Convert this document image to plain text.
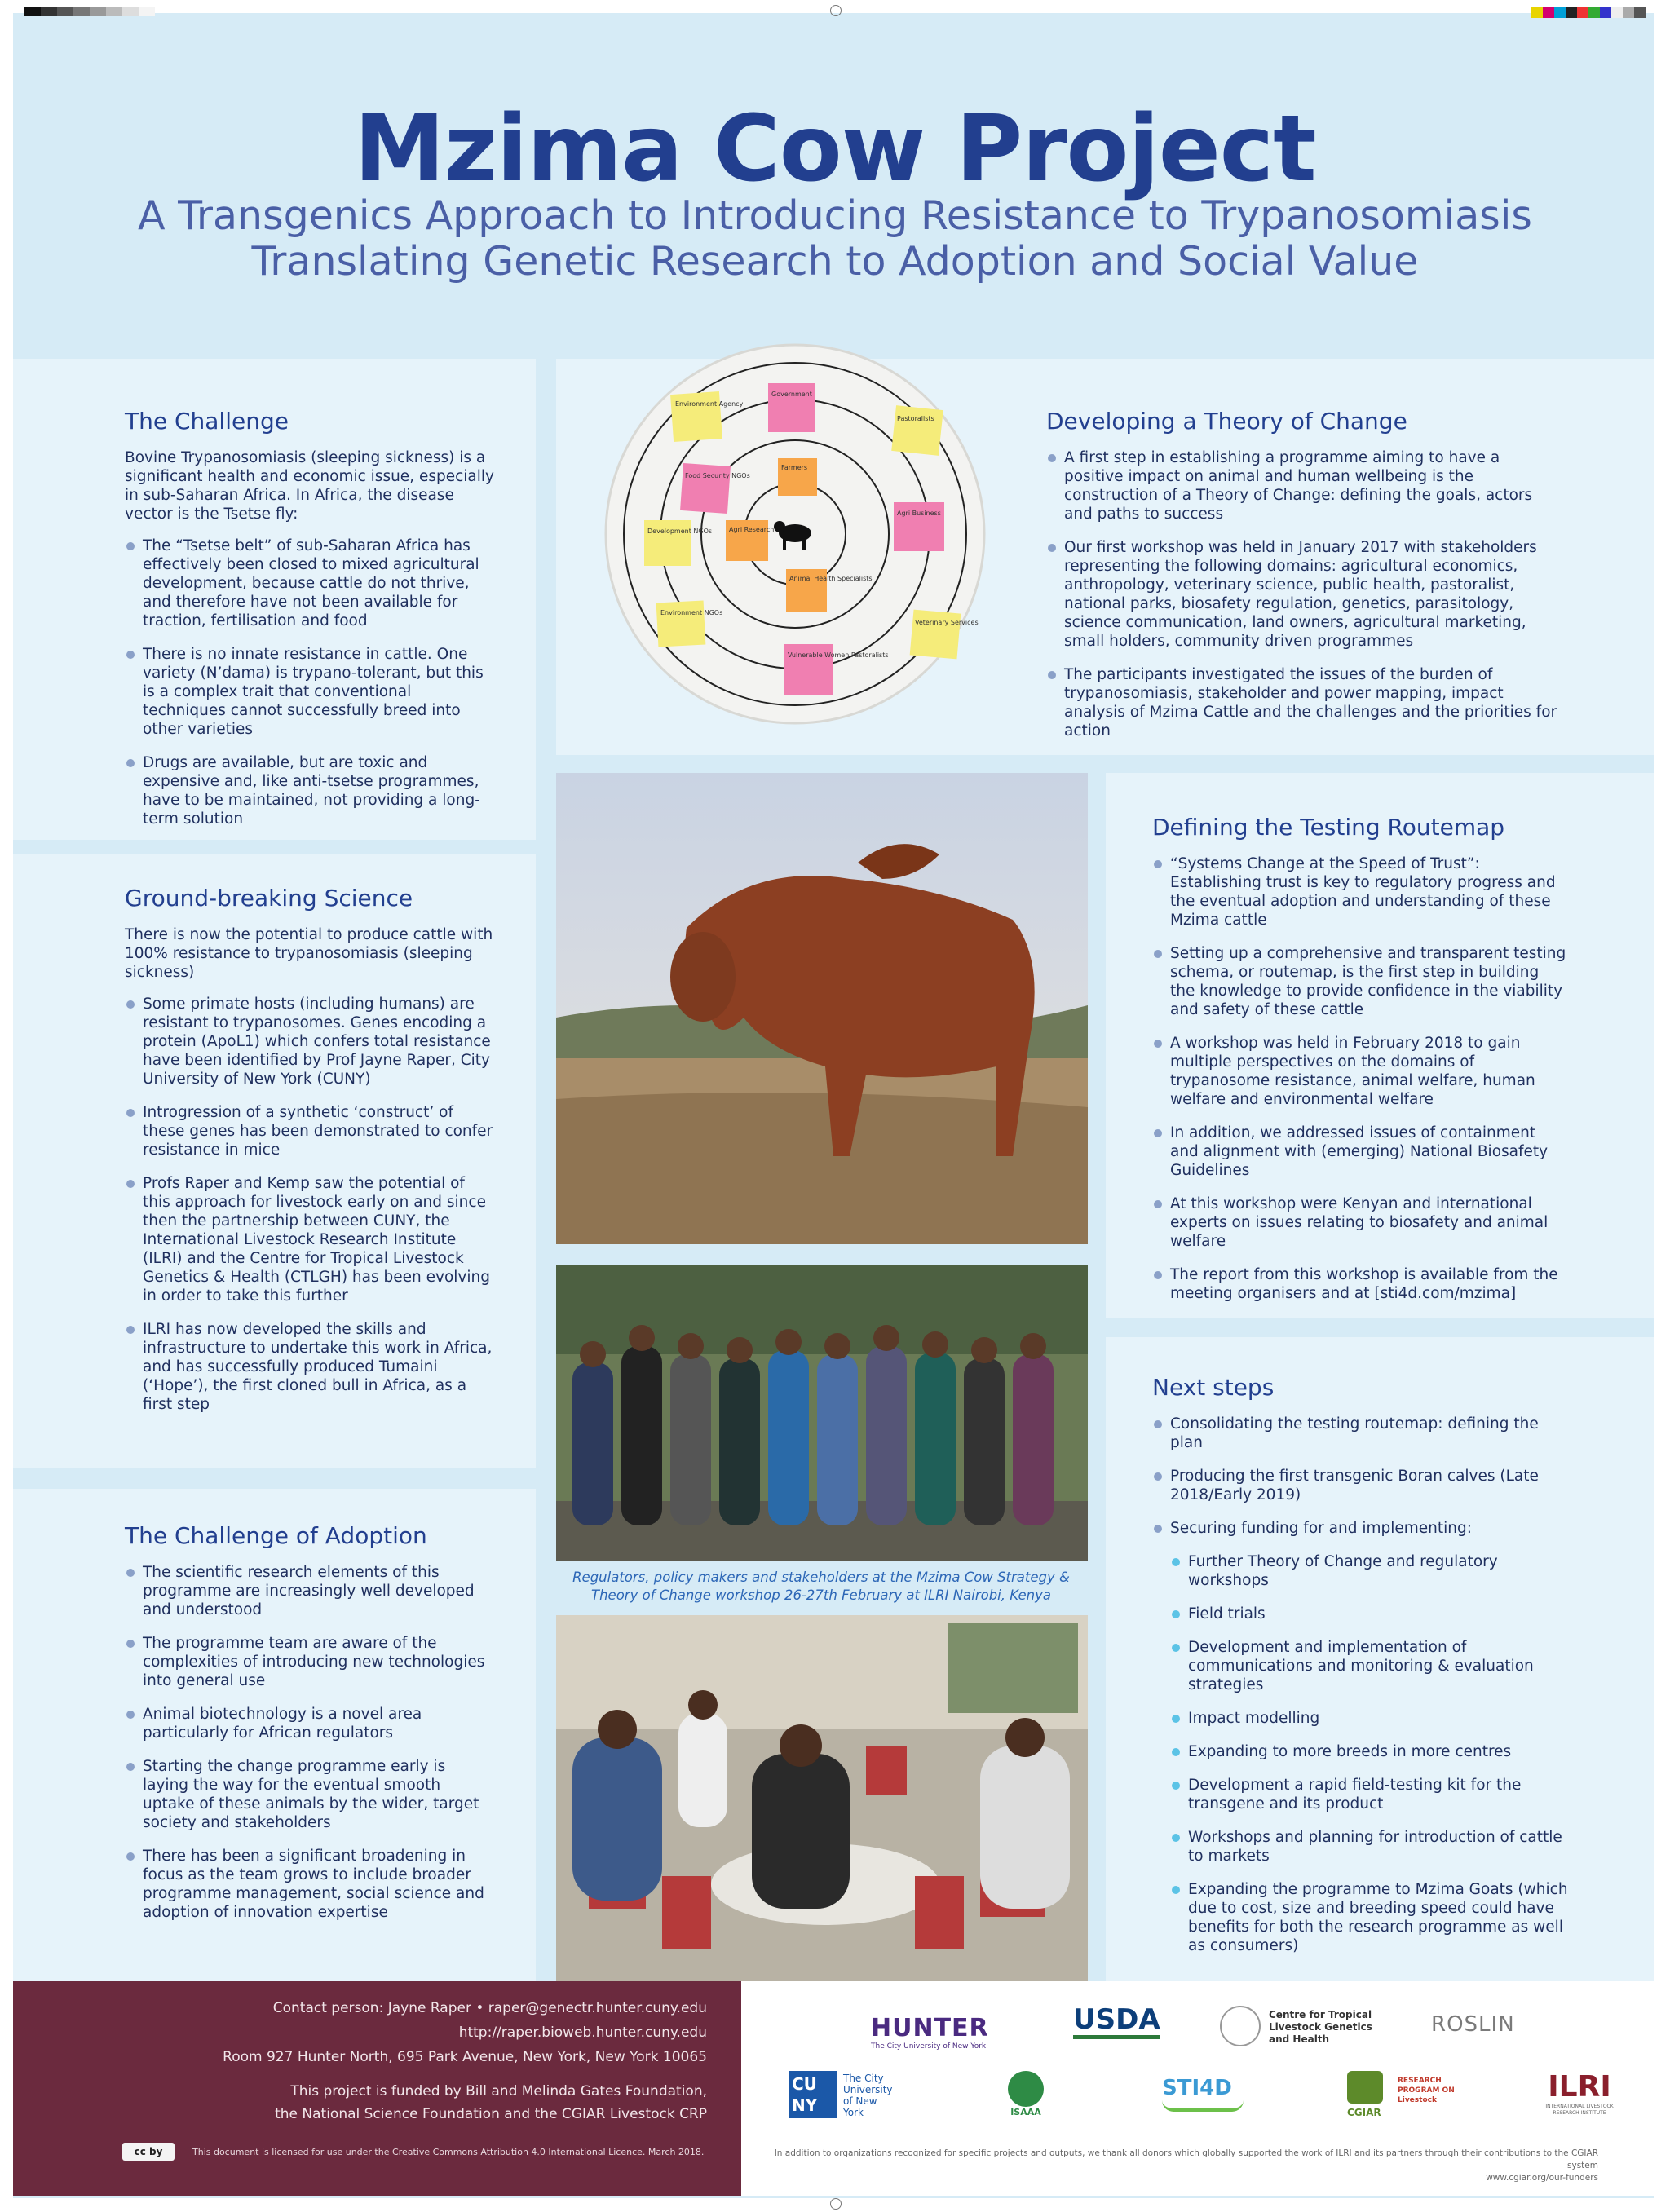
Mzima Cow Project
A Transgenics Approach to Introducing Resistance to Trypanosomiasis
Translating Genetic Research to Adoption and Social Value
The Challenge

Bovine Trypanosomiasis (sleeping sickness) is a significant health and economic issue, especially in sub-Saharan Africa. In Africa, the disease vector is the Tsetse fly:

The “Tsetse belt” of sub-Saharan Africa has effectively been closed to mixed agricultural development, because cattle do not thrive, and therefore have not been available for traction, fertilisation and food
There is no innate resistance in cattle. One variety (N’dama) is trypano-tolerant, but this is a complex trait that conventional techniques cannot successfully breed into other varieties
Drugs are available, but are toxic and expensive and, like anti-tsetse programmes, have to be maintained, not providing a long-term solution
Ground-breaking Science

There is now the potential to produce cattle with 100% resistance to trypanosomiasis (sleeping sickness)

Some primate hosts (including humans) are resistant to trypanosomes. Genes encoding a protein (ApoL1) which confers total resistance have been identified by Prof Jayne Raper, City University of New York (CUNY)
Introgression of a synthetic ‘construct’ of these genes has been demonstrated to confer resistance in mice
Profs Raper and Kemp saw the potential of this approach for livestock early on and since then the partnership between CUNY, the International Livestock Research Institute (ILRI) and the Centre for Tropical Livestock Genetics & Health (CTLGH) has been evolving in order to take this further
ILRI has now developed the skills and infrastructure to undertake this work in Africa, and has successfully produced Tumaini (‘Hope’), the first cloned bull in Africa, as a first step
The Challenge of Adoption
The scientific research elements of this programme are increasingly well developed and understood
The programme team are aware of the complexities of introducing new technologies into general use
Animal biotechnology is a novel area particularly for African regulators
Starting the change programme early is laying the way for the eventual smooth uptake of these animals by the wider, target society and stakeholders
There has been a significant broadening in focus as the team grows to include broader programme management, social science and adoption of innovation expertise
Developing a Theory of Change
A first step in establishing a programme aiming to have a positive impact on animal and human wellbeing is the construction of a Theory of Change: defining the goals, actors and paths to success
Our first workshop was held in January 2017 with stakeholders representing the following domains: agricultural economics, anthropology, veterinary science, public health, pastoralist, national parks, biosafety regulation, genetics, parasitology, science communication, land owners, agricultural marketing, small holders, community driven programmes
The participants investigated the issues of the burden of trypanosomiasis, stakeholder and power mapping, impact analysis of Mzima Cattle and the challenges and the priorities for action
Defining the Testing Routemap
“Systems Change at the Speed of Trust”: Establishing trust is key to regulatory progress and the eventual adoption and understanding of these Mzima cattle
Setting up a comprehensive and transparent testing schema, or routemap, is the first step in building the knowledge to provide confidence in the viability and safety of these cattle
A workshop was held in February 2018 to gain multiple perspectives on the domains of trypanosome resistance, animal welfare, human welfare and environmental welfare
In addition, we addressed issues of containment and alignment with (emerging) National Biosafety Guidelines
At this workshop were Kenyan and international experts on issues relating to biosafety and animal welfare
The report from this workshop is available from the meeting organisers and at [sti4d.com/mzima]
Next steps
Consolidating the testing routemap: defining the plan
Producing the first transgenic Boran calves (Late 2018/Early 2019)
Securing funding for and implementing:
Further Theory of Change and regulatory workshops
Field trials
Development and implementation of communications and monitoring & evaluation strategies
Impact modelling
Expanding to more breeds in more centres
Development a rapid field-testing kit for the transgene and its product
Workshops and planning for introduction of cattle to markets
Expanding the programme to Mzima Goats (which due to cost, size and breeding speed could have benefits for both the research programme as well as consumers)
Environment Agency
Government
Pastoralists
Development NGOs
Environment NGOs
Veterinary Services
Food Security NGOs
Agri Business
Vulnerable Women Pastoralists
Farmers
Agri Research
Animal Health Specialists
Regulators, policy makers and stakeholders at the Mzima Cow Strategy & Theory of Change workshop 26-27th February at ILRI Nairobi, Kenya
Contact person: Jayne Raper • raper@genectr.hunter.cuny.edu
http://raper.bioweb.hunter.cuny.edu
Room 927 Hunter North, 695 Park Avenue, New York, New York 10065
This project is funded by Bill and Melinda Gates Foundation,
the National Science Foundation and the CGIAR Livestock CRP
cc by	This document is licensed for use under the Creative Commons Attribution 4.0 International Licence. March 2018.
HUNTER
The City University of New York
USDA	Centre for Tropical Livestock Genetics and Health
ROSLIN
CU NY
The City University of New York	ISAAA
STI4D
CGIAR
RESEARCH PROGRAM ON Livestock	ILRI
INTERNATIONAL LIVESTOCK RESEARCH INSTITUTE
In addition to organizations recognized for specific projects and outputs, we thank all donors which globally supported the work of ILRI and its partners through their contributions to the CGIAR system
www.cgiar.org/our-funders
